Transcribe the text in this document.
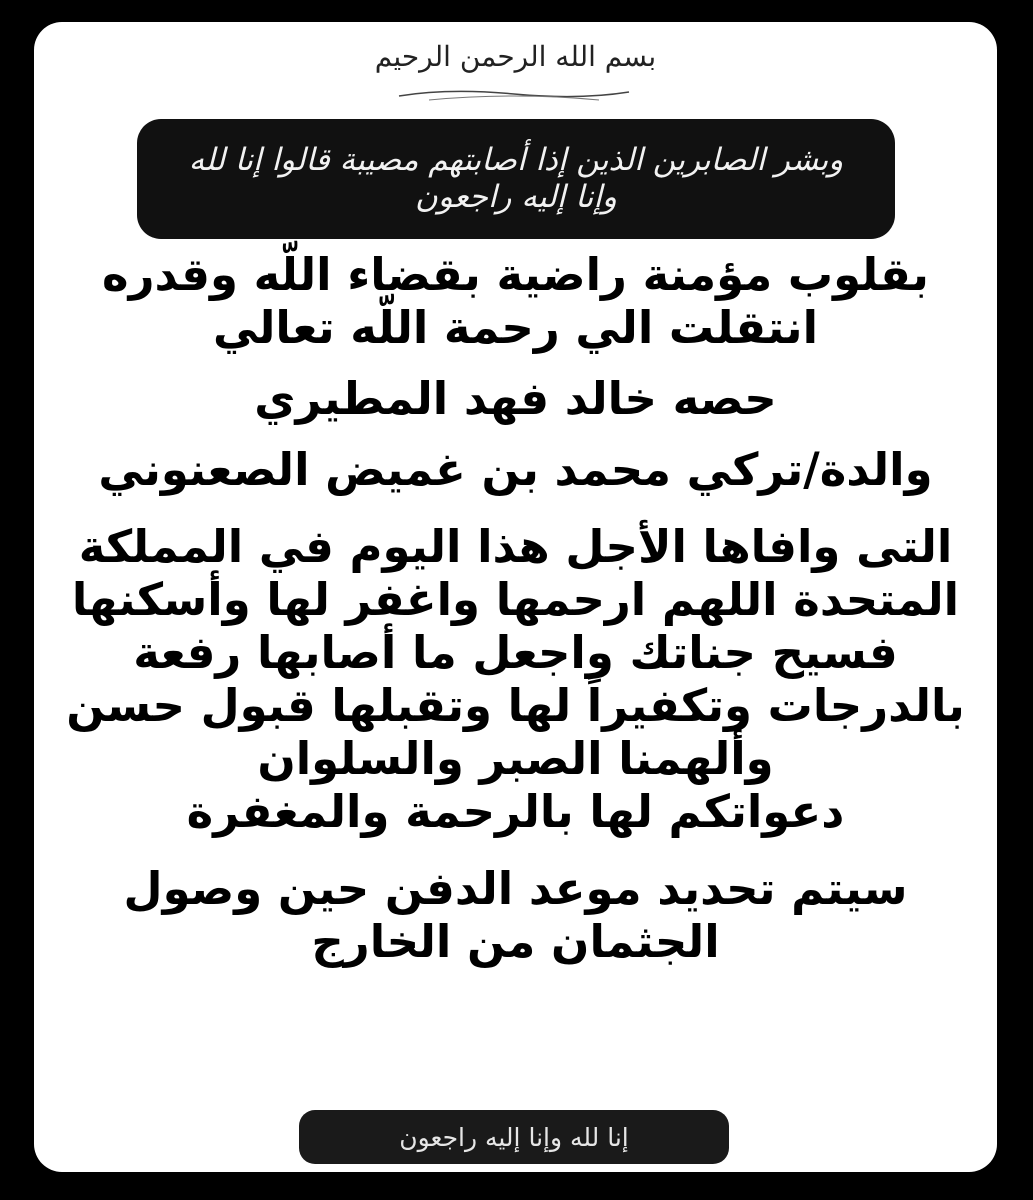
بسم الله الرحمن الرحيم
وبشر الصابرين الذين إذا أصابتهم مصيبة قالوا إنا لله وإنا إليه راجعون
بقلوب مؤمنة راضية بقضاء اللّه وقدره
انتقلت الي رحمة اللّه تعالي
حصه خالد فهد المطيري
والدة/تركي محمد بن غميض الصعنوني
التى وافاها الأجل هذا اليوم في المملكة
المتحدة اللهم ارحمها واغفر لها وأسكنها
فسيح جناتك واجعل ما أصابها رفعة
بالدرجات وتكفيراً لها وتقبلها قبول حسن
وألهمنا الصبر والسلوان
دعواتكم لها بالرحمة والمغفرة
سيتم تحديد موعد الدفن حين وصول
الجثمان من الخارج
إنا لله وإنا إليه راجعون
